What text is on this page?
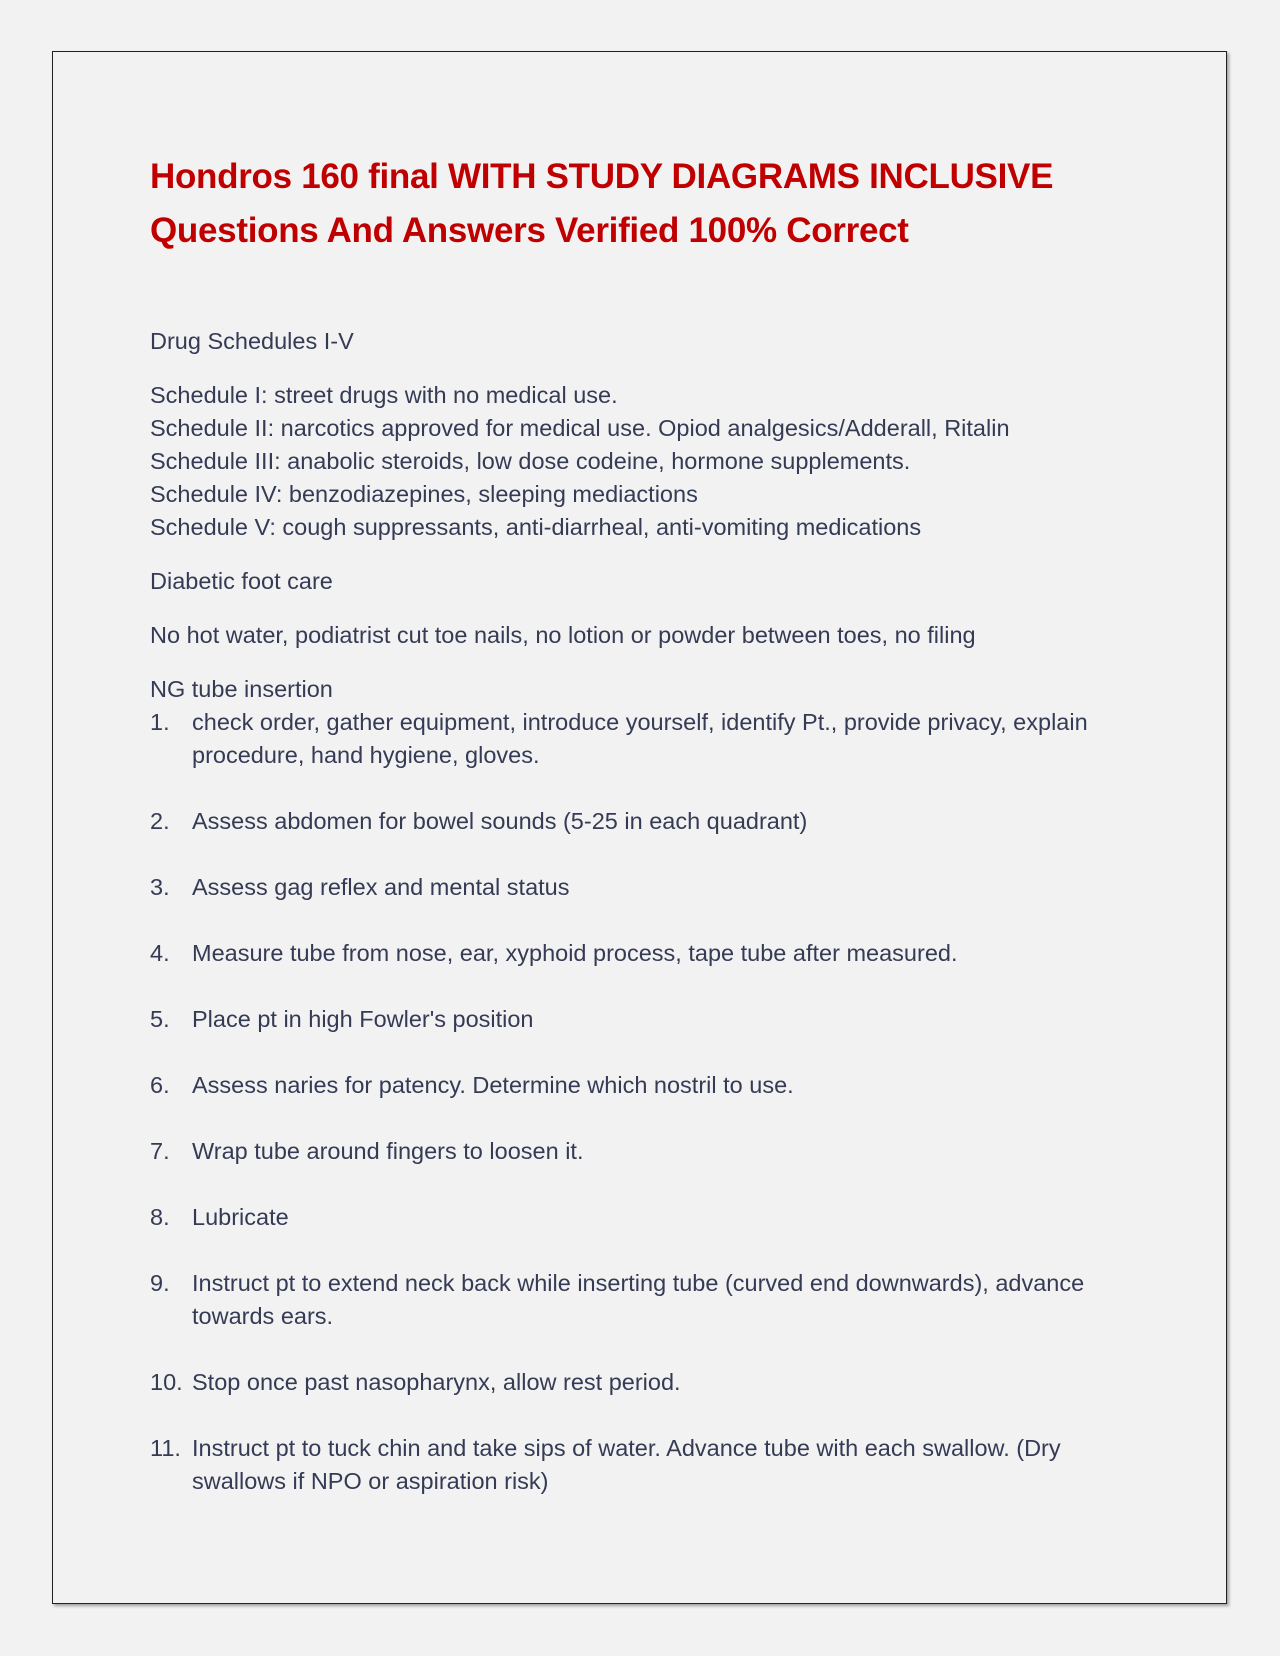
Hondros 160 final WITH STUDY DIAGRAMS INCLUSIVE Questions And Answers Verified 100% Correct

Drug Schedules I-V

Schedule I: street drugs with no medical use.
Schedule II: narcotics approved for medical use. Opiod analgesics/Adderall, Ritalin
Schedule III: anabolic steroids, low dose codeine, hormone supplements.
Schedule IV: benzodiazepines, sleeping mediactions
Schedule V: cough suppressants, anti-diarrheal, anti-vomiting medications

Diabetic foot care

No hot water, podiatrist cut toe nails, no lotion or powder between toes, no filing

NG tube insertion

1. check order, gather equipment, introduce yourself, identify Pt., provide privacy, explain procedure, hand hygiene, gloves.
2. Assess abdomen for bowel sounds (5-25 in each quadrant)
3. Assess gag reflex and mental status
4. Measure tube from nose, ear, xyphoid process, tape tube after measured.
5. Place pt in high Fowler's position
6. Assess naries for patency. Determine which nostril to use.
7. Wrap tube around fingers to loosen it.
8. Lubricate
9. Instruct pt to extend neck back while inserting tube (curved end downwards), advance towards ears.
10. Stop once past nasopharynx, allow rest period.
11. Instruct pt to tuck chin and take sips of water. Advance tube with each swallow. (Dry swallows if NPO or aspiration risk)
